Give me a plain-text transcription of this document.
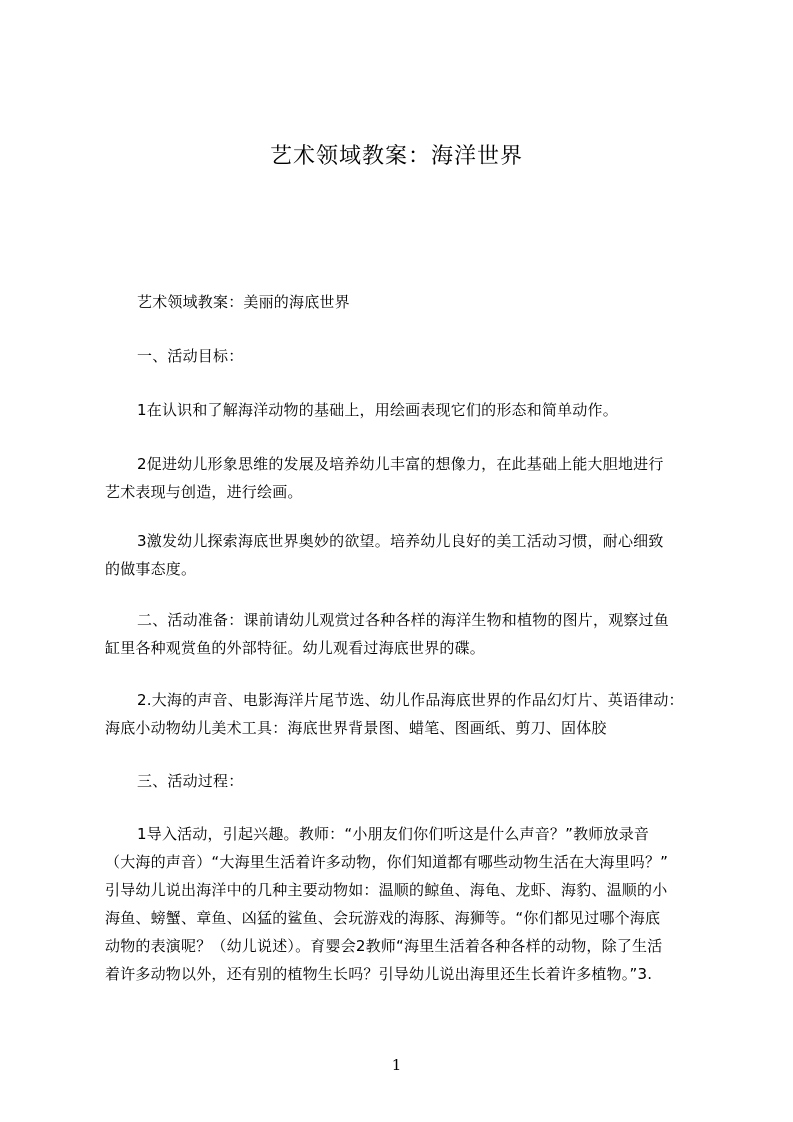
艺术领域教案：海洋世界
艺术领域教案：美丽的海底世界
一、活动目标：
1在认识和了解海洋动物的基础上，用绘画表现它们的形态和简单动作。
2促进幼儿形象思维的发展及培养幼儿丰富的想像力，在此基础上能大胆地进行
艺术表现与创造，进行绘画。
3激发幼儿探索海底世界奥妙的欲望。培养幼儿良好的美工活动习惯，耐心细致
的做事态度。
二、活动准备：课前请幼儿观赏过各种各样的海洋生物和植物的图片，观察过鱼
缸里各种观赏鱼的外部特征。幼儿观看过海底世界的碟。
2.大海的声音、电影海洋片尾节选、幼儿作品海底世界的作品幻灯片、英语律动：
海底小动物幼儿美术工具：海底世界背景图、蜡笔、图画纸、剪刀、固体胶
三、活动过程：
1导入活动，引起兴趣。教师：“小朋友们你们听这是什么声音？”教师放录音
（大海的声音）“大海里生活着许多动物，你们知道都有哪些动物生活在大海里吗？”
引导幼儿说出海洋中的几种主要动物如：温顺的鲸鱼、海龟、龙虾、海豹、温顺的小
海鱼、螃蟹、章鱼、凶猛的鲨鱼、会玩游戏的海豚、海狮等。“你们都见过哪个海底
动物的表演呢？（幼儿说述）。育婴会2教师“海里生活着各种各样的动物，除了生活
着许多动物以外，还有别的植物生长吗？引导幼儿说出海里还生长着许多植物。”3.
1
